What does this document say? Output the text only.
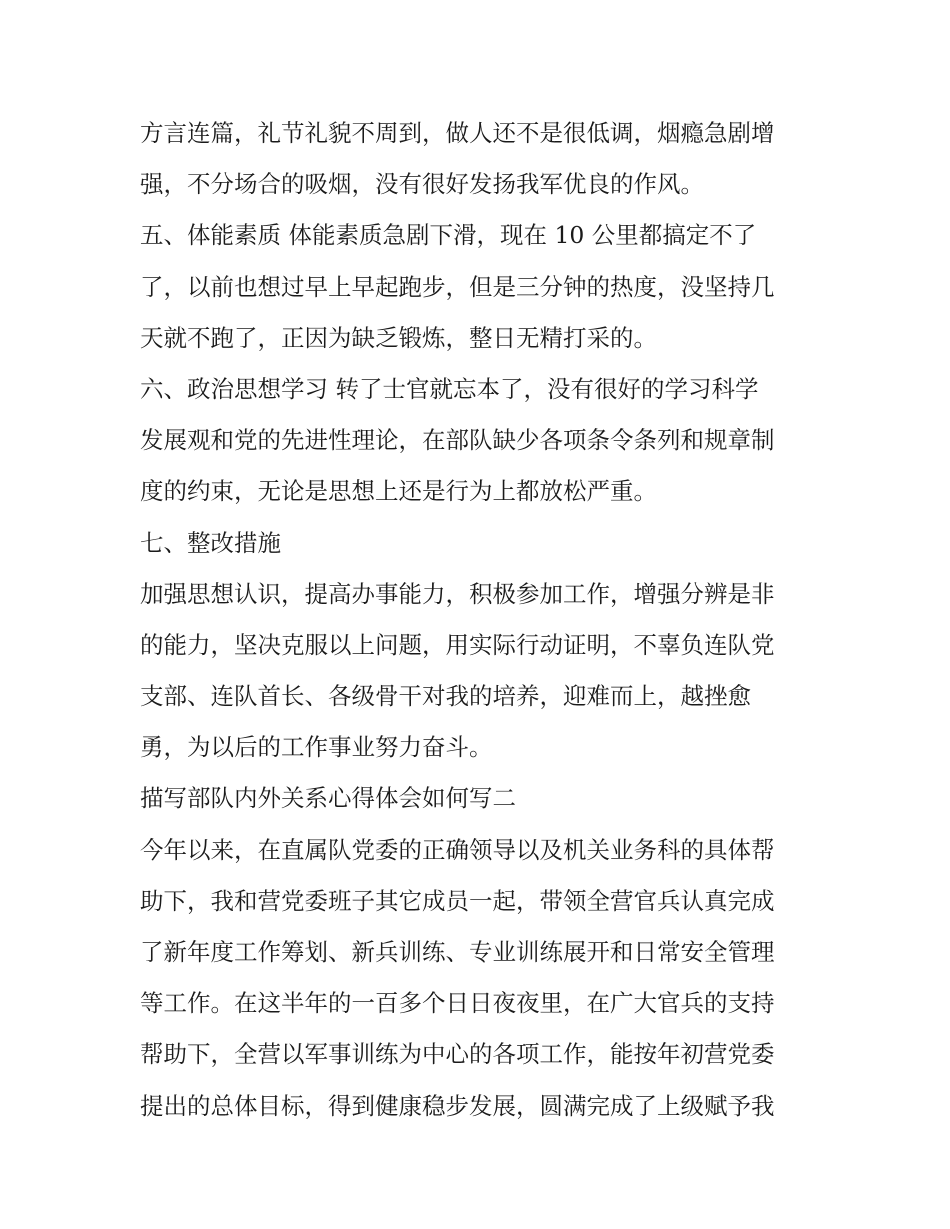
方言连篇，礼节礼貌不周到，做人还不是很低调，烟瘾急剧增
强，不分场合的吸烟，没有很好发扬我军优良的作风。
五、体能素质 体能素质急剧下滑，现在 10 公里都搞定不了
了，以前也想过早上早起跑步，但是三分钟的热度，没坚持几
天就不跑了，正因为缺乏锻炼，整日无精打采的。
六、政治思想学习 转了士官就忘本了，没有很好的学习科学
发展观和党的先进性理论，在部队缺少各项条令条列和规章制
度的约束，无论是思想上还是行为上都放松严重。
七、整改措施
加强思想认识，提高办事能力，积极参加工作，增强分辨是非
的能力，坚决克服以上问题，用实际行动证明，不辜负连队党
支部、连队首长、各级骨干对我的培养，迎难而上，越挫愈
勇，为以后的工作事业努力奋斗。
描写部队内外关系心得体会如何写二
今年以来，在直属队党委的正确领导以及机关业务科的具体帮
助下，我和营党委班子其它成员一起，带领全营官兵认真完成
了新年度工作筹划、新兵训练、专业训练展开和日常安全管理
等工作。在这半年的一百多个日日夜夜里，在广大官兵的支持
帮助下，全营以军事训练为中心的各项工作，能按年初营党委
提出的总体目标，得到健康稳步发展，圆满完成了上级赋予我
